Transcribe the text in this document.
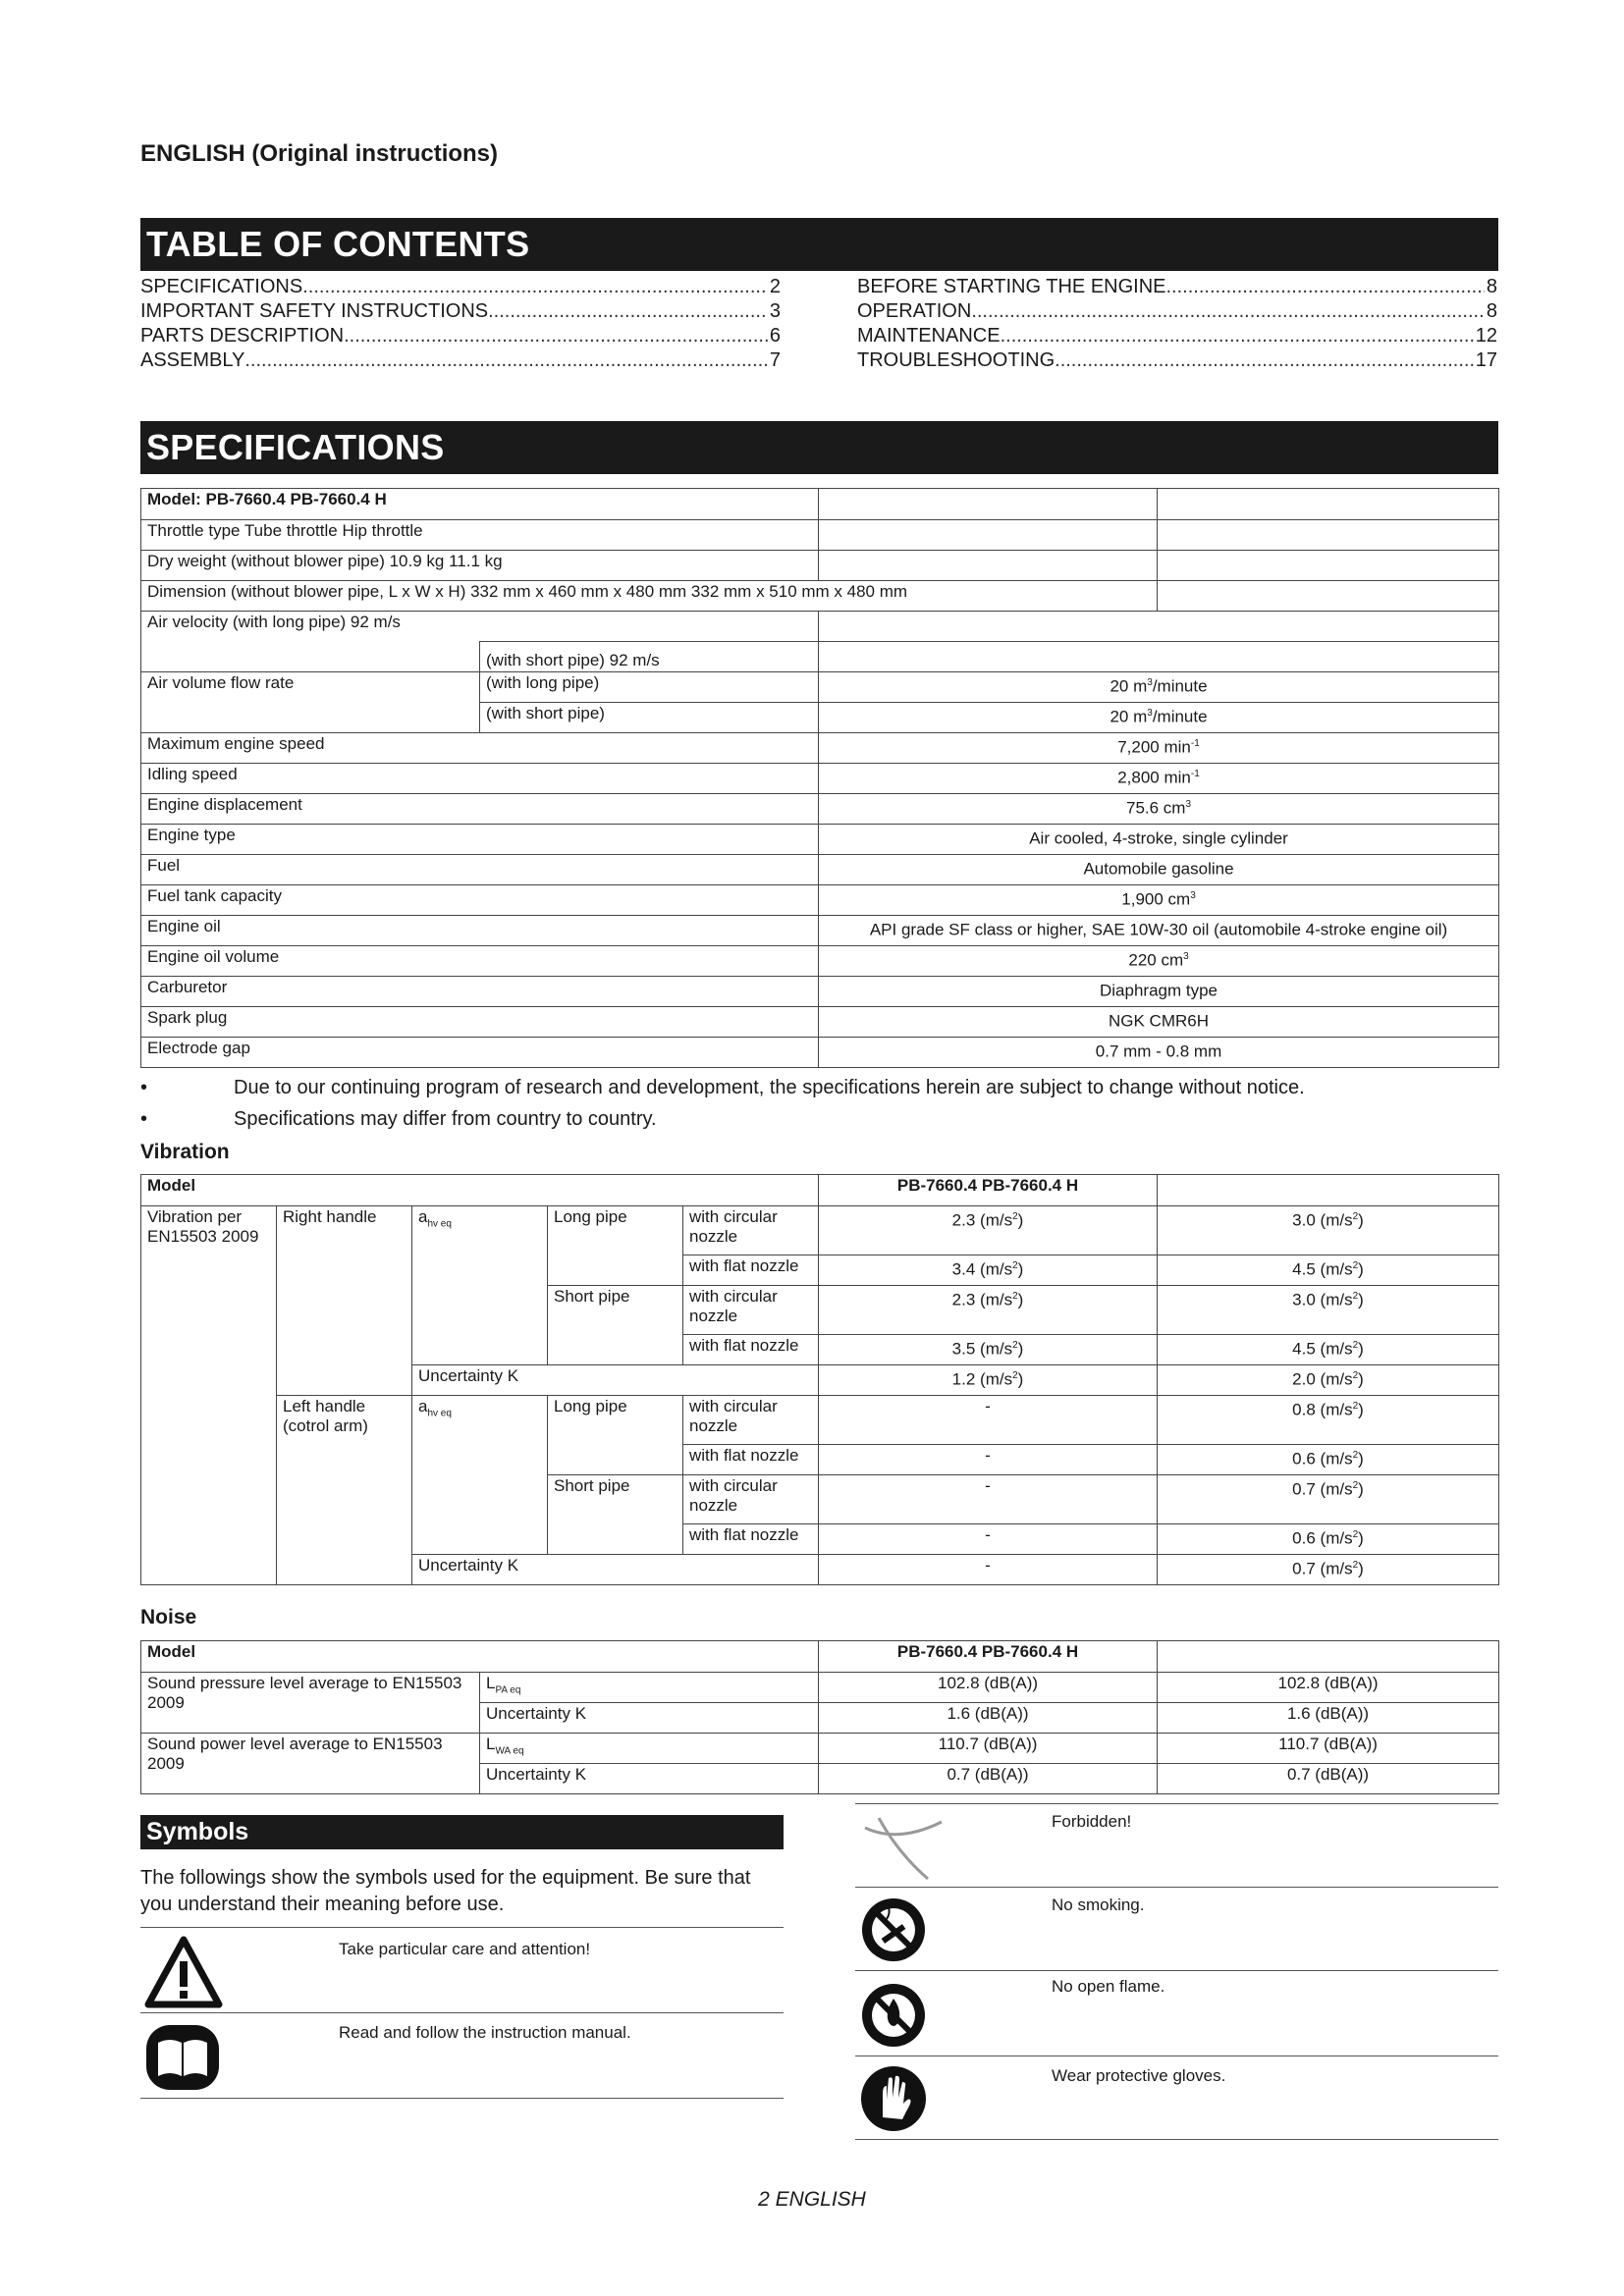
ENGLISH (Original instructions)
TABLE OF CONTENTS
SPECIFICATIONS .....	2
IMPORTANT SAFETY INSTRUCTIONS .....	3
PARTS DESCRIPTION .....	6
ASSEMBLY .....	7
BEFORE STARTING THE ENGINE .....	8
OPERATION .....	8
MAINTENANCE .....	12
TROUBLESHOOTING .....	17
SPECIFICATIONS
Model: PB-7660.4 PB-7660.4 H			
Throttle type Tube throttle Hip throttle			
Dry weight (without blower pipe) 10.9 kg 11.1 kg			
Dimension (without blower pipe, L x W x H) 332 mm x 460 mm x 480 mm 332 mm x 510 mm x 480 mm			
Air velocity (with long pipe) 92 m/s			
	(with short pipe) 92 m/s		
Air volume flow rate	(with long pipe)	20 $m^3$/minute	
	(with short pipe)	20 $m^3$/minute	
Maximum engine speed		7,200 $\min^{-1}$
Idling speed		2,800 $\min^{-1}$
Engine displacement		75.6 $cm^3$
Engine type		Air cooled, 4-stroke, single cylinder	
Fuel		Automobile gasoline	
Fuel tank capacity		1,900 $cm^3$
Engine oil		API grade SF class or higher, SAE 10W-30 oil (automobile 4-stroke engine oil)	
Engine oil volume		220 $cm^3$
Carburetor		Diaphragm type	
Spark plug		NGK CMR6H	
Electrode gap		0.7 mm - 0.8 mm	
•	Due to our continuing program of research and development, the specifications herein are subject to change without notice.
•	Specifications may differ from country to country.
Vibration
Model					PB-7660.4 PB-7660.4 H	
Vibration per EN15503 2009	Right handle	$a_{hv eq}$	Long pipe	with circular nozzle	2.3 $(m/s^2)$	3.0 $(m/s^2)$
				with flat nozzle	3.4 $(m/s^2)$	4.5 $(m/s^2)$
			Short pipe	with circular nozzle	2.3 $(m/s^2)$	3.0 $(m/s^2)$
				with flat nozzle	3.5 $(m/s^2)$	4.5 $(m/s^2)$
		Uncertainty K			1.2 $(m/s^2)$	2.0 $(m/s^2)$
	Left handle (cotrol arm)	$a_{hv eq}$	Long pipe	with circular nozzle	-	0.8 $(m/s^2)$
				with flat nozzle	-	0.6 $(m/s^2)$
			Short pipe	with circular nozzle	-	0.7 $(m/s^2)$
				with flat nozzle	-	0.6 $(m/s^2)$
		Uncertainty K			-	0.7 $(m/s^2)$
Noise
Model		PB-7660.4 PB-7660.4 H	
Sound pressure level average to EN15503 2009	$L_{PA eq}$	102.8 (dB(A))	102.8 (dB(A))
	Uncertainty K	1.6 (dB(A))	1.6 (dB(A))
Sound power level average to EN15503 2009	$L_{WA eq}$	110.7 (dB(A))	110.7 (dB(A))
	Uncertainty K	0.7 (dB(A))	0.7 (dB(A))
Symbols
The followings show the symbols used for the equipment. Be sure that you understand their meaning before use.
Take particular care and attention!
Read and follow the instruction manual.
Forbidden!
No smoking.
No open flame.
Wear protective gloves.
2 ENGLISH
